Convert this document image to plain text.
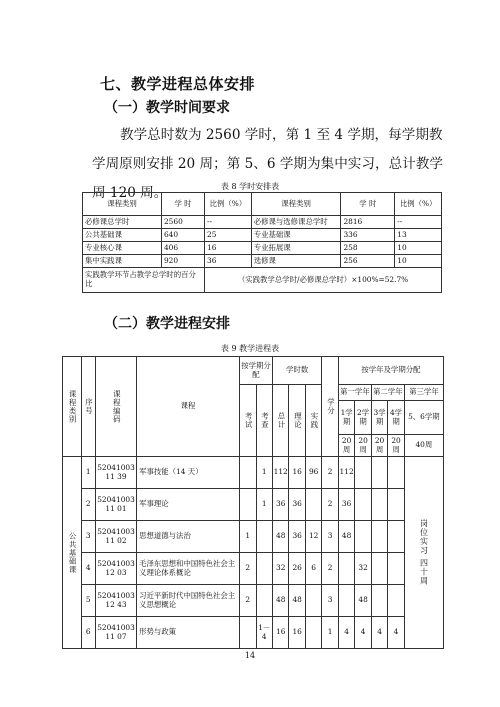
七、教学进程总体安排
（一）教学时间要求
教学总时数为 2560 学时，第 1 至 4 学期，每学期教学周原则安排 20 周；第 5、6 学期为集中实习，总计教学周 120 周。	表 8 学时安排表
课程类别	学 时	比例（%）	课程类别	学 时	比例（%）
必修课总学时	2560	--	必修课与选修课总学时	2816	--
公共基础课	640	25	专业基础课	336	13
专业核心课	406	16	专业拓展课	258	10
集中实践课	920	36	选修课	256	10
实践教学环节占教学总学时的百分比		（实践教学总学时/必修课总学时）×100%=52.7%			
（二）教学进程安排
表 9 教学进程表
课程类别	序号	课程编码	课程	按学期分配		学时数			学分	按学年及学期分配				
				考试	考查	总计	理论	实践		第一学年		第二学年		第三学年
										1学期	2学期	3学期	4学期	5、6学期
										20周	20周	20周	20周	40周
公共基础课	1	5204100311 39	军事技能（14 天）		1	112	16	96	2	112				岗位实习 四十周
	2	5204100311 01	军事理论		1	36	36		2	36				
	3	5204100311 02	思想道德与法治	1		48	36	12	3	48				
	4	5204100312 03	毛泽东思想和中国特色社会主义理论体系概论	2		32	26	6	2		32			
	5	5204100312 43	习近平新时代中国特色社会主义思想概论	2		48	48		3		48			
	6	5204100311 07	形势与政策		1－4	16	16		1	4	4	4	4	
14
